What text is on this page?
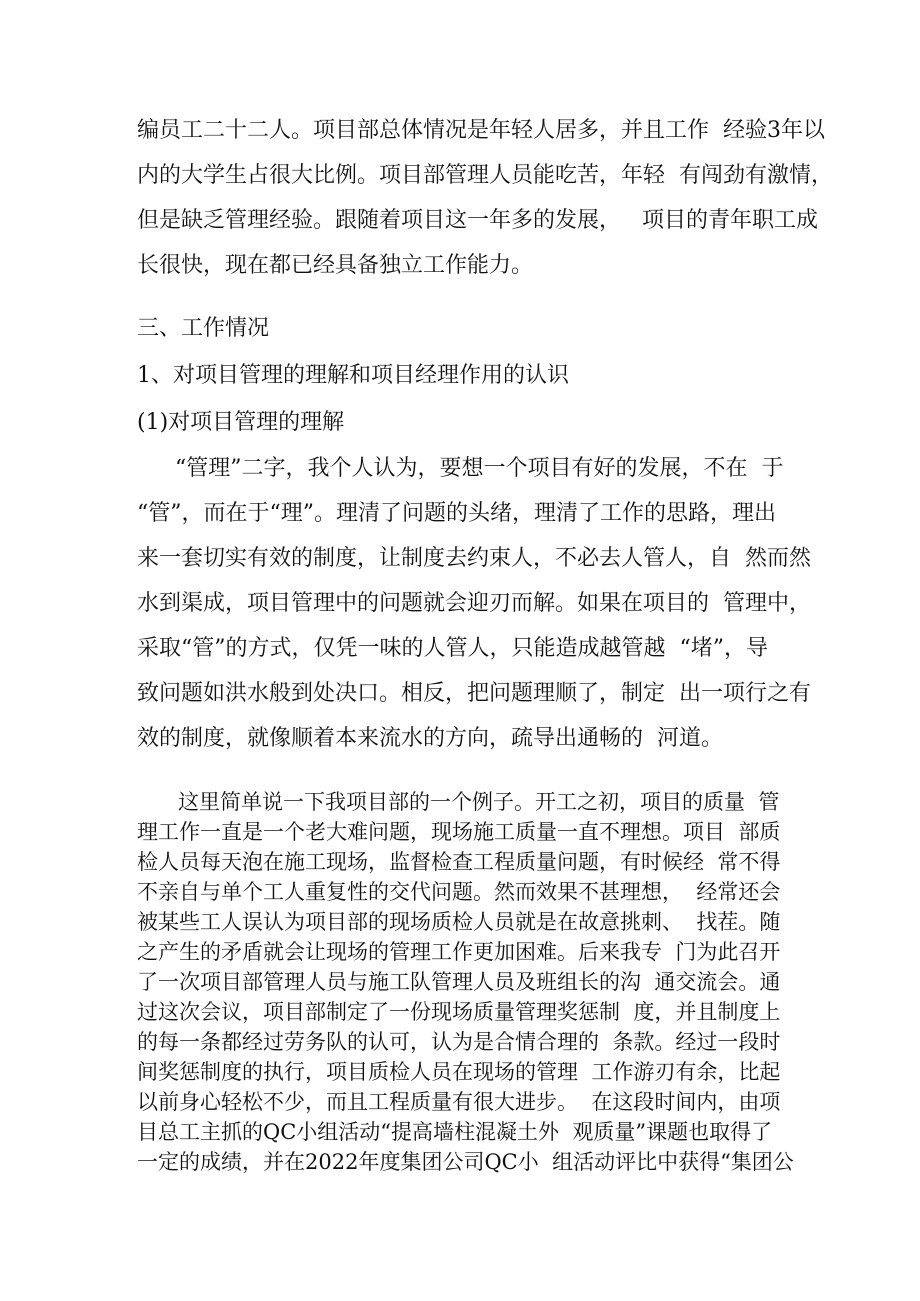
编员工二十二人。项目部总体情况是年轻人居多，并且工作  经验3年以
内的大学生占很大比例。项目部管理人员能吃苦，年轻  有闯劲有激情，
但是缺乏管理经验。跟随着项目这一年多的发展，   项目的青年职工成
长很快，现在都已经具备独立工作能力。
三、工作情况
1、对项目管理的理解和项目经理作用的认识
(1)对项目管理的理解
“管理”二字，我个人认为，要想一个项目有好的发展，不在  于
“管”，而在于“理”。理清了问题的头绪，理清了工作的思路，理出
来一套切实有效的制度，让制度去约束人，不必去人管人，自  然而然
水到渠成，项目管理中的问题就会迎刃而解。如果在项目的  管理中，
采取“管”的方式，仅凭一味的人管人，只能造成越管越  “堵”，导
致问题如洪水般到处决口。相反，把问题理顺了，制定  出一项行之有
效的制度，就像顺着本来流水的方向，疏导出通畅的  河道。
这里简单说一下我项目部的一个例子。开工之初，项目的质量  管
理工作一直是一个老大难问题，现场施工质量一直不理想。项目  部质
检人员每天泡在施工现场，监督检查工程质量问题，有时候经  常不得
不亲自与单个工人重复性的交代问题。然而效果不甚理想，  经常还会
被某些工人误认为项目部的现场质检人员就是在故意挑刺、  找茬。随
之产生的矛盾就会让现场的管理工作更加困难。后来我专  门为此召开
了一次项目部管理人员与施工队管理人员及班组长的沟  通交流会。通
过这次会议，项目部制定了一份现场质量管理奖惩制  度，并且制度上
的每一条都经过劳务队的认可，认为是合情合理的  条款。经过一段时
间奖惩制度的执行，项目质检人员在现场的管理  工作游刃有余，比起
以前身心轻松不少，而且工程质量有很大进步。  在这段时间内，由项
目总工主抓的QC小组活动“提高墙柱混凝土外  观质量”课题也取得了
一定的成绩，并在2022年度集团公司QC小  组活动评比中获得“集团公
